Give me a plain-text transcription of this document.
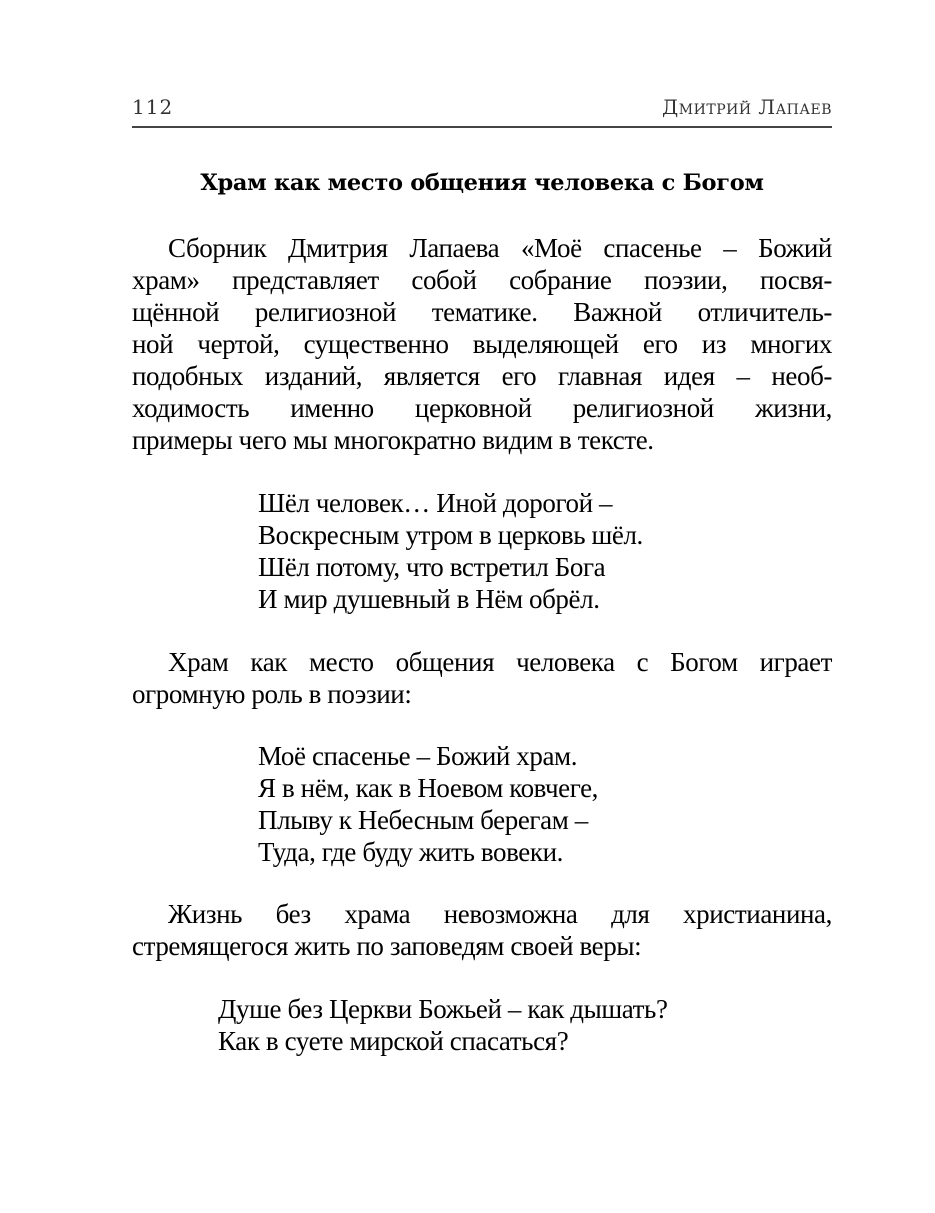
112	Дмитрий Лапаев
Храм как место общения человека с Богом
Сборник Дмитрия Лапаева «Моё спасенье – Божий
храм» представляет собой собрание поэзии, посвя-
щённой религиозной тематике. Важной отличитель-
ной чертой, существенно выделяющей его из многих
подобных изданий, является его главная идея – необ-
ходимость именно церковной религиозной жизни,
примеры чего мы многократно видим в тексте.
Шёл человек… Иной дорогой –
Воскресным утром в церковь шёл.
Шёл потому, что встретил Бога
И мир душевный в Нём обрёл.
Храм как место общения человека с Богом играет
огромную роль в поэзии:
Моё спасенье – Божий храм.
Я в нём, как в Ноевом ковчеге,
Плыву к Небесным берегам –
Туда, где буду жить вовеки.
Жизнь без храма невозможна для христианина,
стремящегося жить по заповедям своей веры:
Душе без Церкви Божьей – как дышать?
Как в суете мирской спасаться?
